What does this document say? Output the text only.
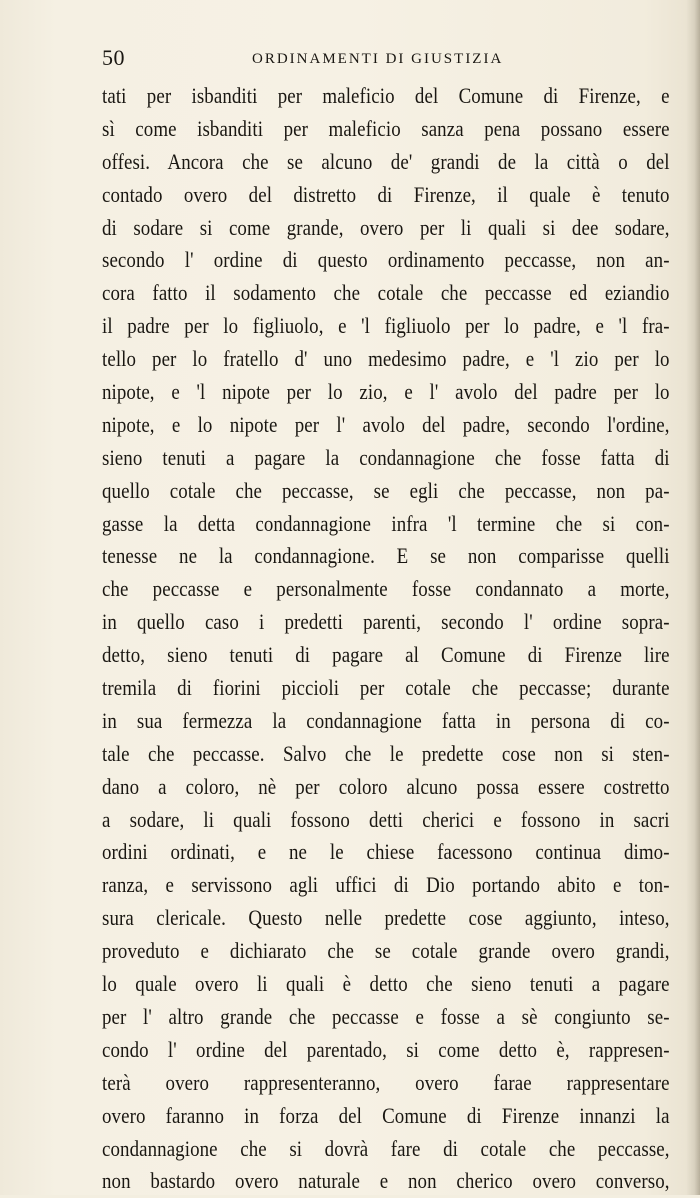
50	ORDINAMENTI DI GIUSTIZIA
tati per isbanditi per maleficio del Comune di Firenze, e
sì come isbanditi per maleficio sanza pena possano essere
offesi. Ancora che se alcuno de' grandi de la città o del
contado overo del distretto di Firenze, il quale è tenuto
di sodare si come grande, overo per li quali si dee sodare,
secondo l' ordine di questo ordinamento peccasse, non an-
cora fatto il sodamento che cotale che peccasse ed eziandio
il padre per lo figliuolo, e 'l figliuolo per lo padre, e 'l fra-
tello per lo fratello d' uno medesimo padre, e 'l zio per lo
nipote, e 'l nipote per lo zio, e l' avolo del padre per lo
nipote, e lo nipote per l' avolo del padre, secondo l'ordine,
sieno tenuti a pagare la condannagione che fosse fatta di
quello cotale che peccasse, se egli che peccasse, non pa-
gasse la detta condannagione infra 'l termine che si con-
tenesse ne la condannagione. E se non comparisse quelli
che peccasse e personalmente fosse condannato a morte,
in quello caso i predetti parenti, secondo l' ordine sopra-
detto, sieno tenuti di pagare al Comune di Firenze lire
tremila di fiorini piccioli per cotale che peccasse; durante
in sua fermezza la condannagione fatta in persona di co-
tale che peccasse. Salvo che le predette cose non si sten-
dano a coloro, nè per coloro alcuno possa essere costretto
a sodare, li quali fossono detti cherici e fossono in sacri
ordini ordinati, e ne le chiese facessono continua dimo-
ranza, e servissono agli uffici di Dio portando abito e ton-
sura clericale. Questo nelle predette cose aggiunto, inteso,
proveduto e dichiarato che se cotale grande overo grandi,
lo quale overo li quali è detto che sieno tenuti a pagare
per l' altro grande che peccasse e fosse a sè congiunto se-
condo l' ordine del parentado, si come detto è, rappresen-
terà overo rappresenteranno, overo farae rappresentare
overo faranno in forza del Comune di Firenze innanzi la
condannagione che si dovrà fare di cotale che peccasse,
non bastardo overo naturale e non cherico overo converso,
